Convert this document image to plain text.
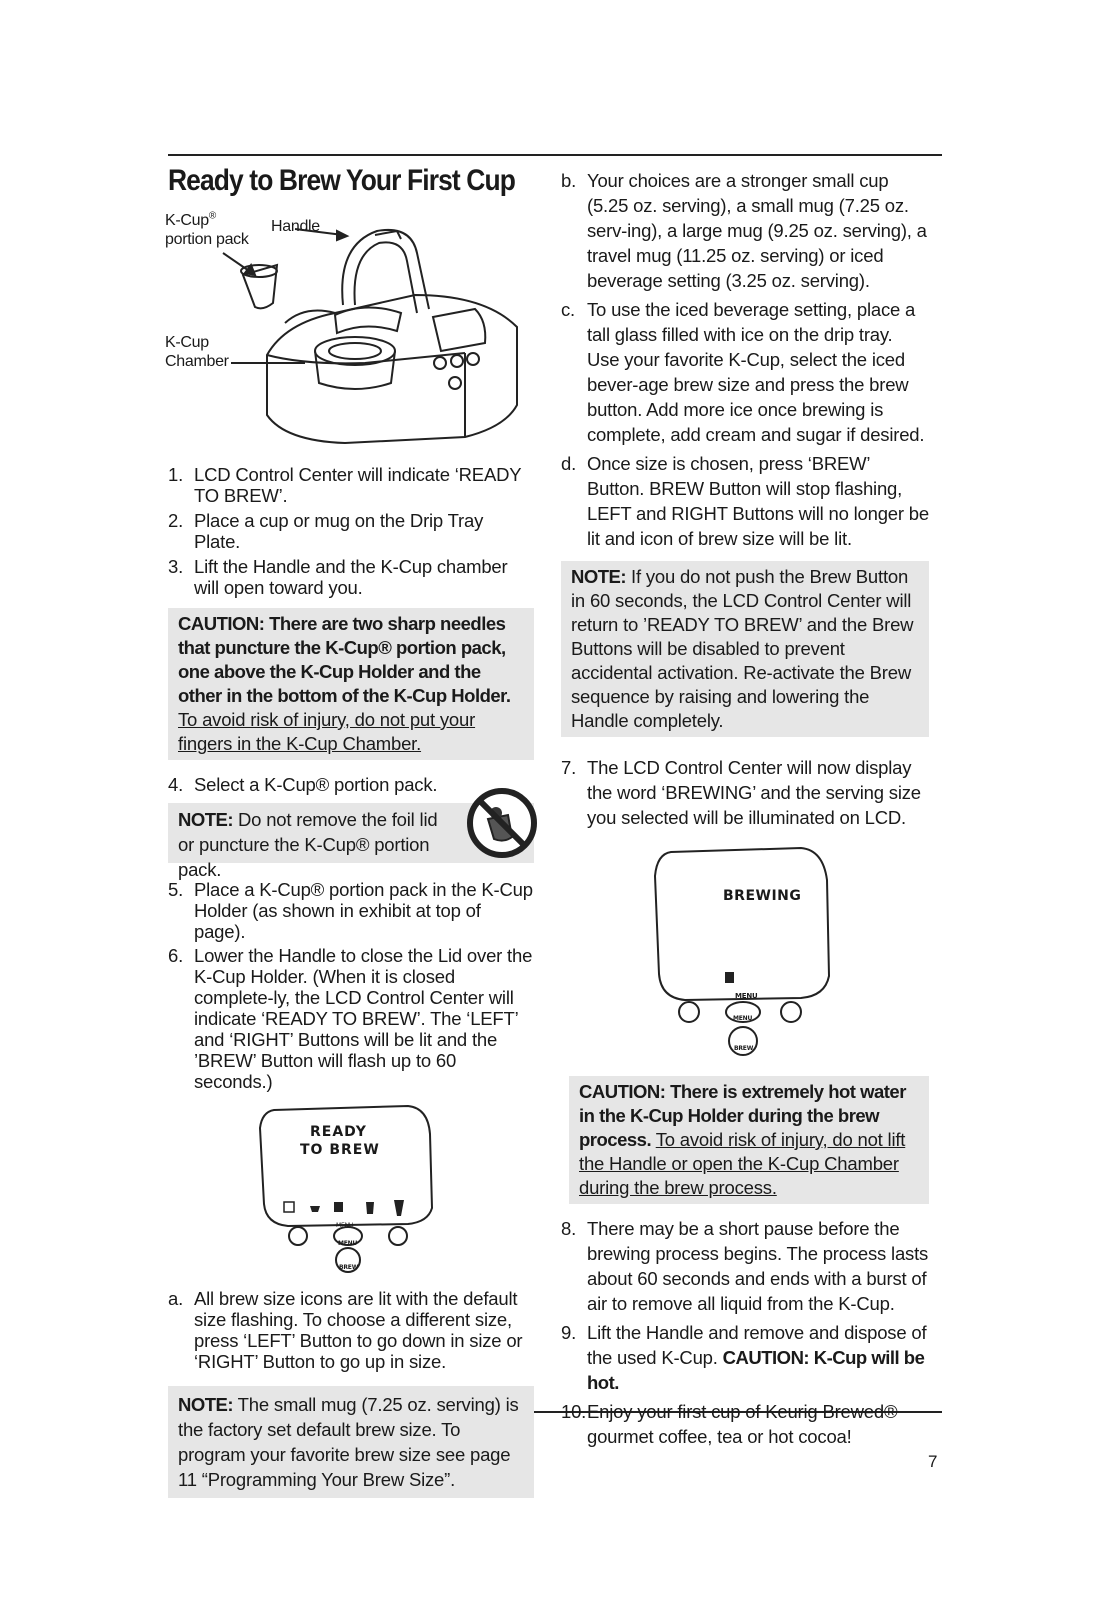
Ready to Brew Your First Cup
K-Cup®
portion pack
Handle
K-Cup
Chamber
1. LCD Control Center will indicate ‘READY TO BREW’.
2. Place a cup or mug on the Drip Tray Plate.
3. Lift the Handle and the K-Cup chamber will open toward you.
CAUTION: There are two sharp needles that puncture the K-Cup® portion pack, one above the K-Cup Holder and the other in the bottom of the K-Cup Holder. To avoid risk of injury, do not put your fingers in the K-Cup Chamber.
4. Select a K-Cup® portion pack.
NOTE: Do not remove the foil lid or puncture the K-Cup® portion pack.
5. Place a K-Cup® portion pack in the K-Cup Holder (as shown in exhibit at top of page).
6. Lower the Handle to close the Lid over the K-Cup Holder. (When it is closed complete-ly, the LCD Control Center will indicate ‘READY TO BREW’. The ‘LEFT’ and ‘RIGHT’ Buttons will be lit and the ’BREW’ Button will flash up to 60 seconds.)
READY
TO BREW
MENU
MENU
BREW
a. All brew size icons are lit with the default size flashing. To choose a different size, press ‘LEFT’ Button to go down in size or ‘RIGHT’ Button to go up in size.
NOTE: The small mug (7.25 oz. serving) is the factory set default brew size. To program your favorite brew size see page 11 “Programming Your Brew Size”.
b. Your choices are a stronger small cup (5.25 oz. serving), a small mug (7.25 oz. serv-ing), a large mug (9.25 oz. serving), a travel mug (11.25 oz. serving) or iced beverage setting (3.25 oz. serving).
c. To use the iced beverage setting, place a tall glass filled with ice on the drip tray. Use your favorite K-Cup, select the iced bever-age brew size and press the brew button. Add more ice once brewing is complete, add cream and sugar if desired.
d. Once size is chosen, press ‘BREW’ Button. BREW Button will stop flashing, LEFT and RIGHT Buttons will no longer be lit and icon of brew size will be lit.
NOTE: If you do not push the Brew Button in 60 seconds, the LCD Control Center will return to ’READY TO BREW’ and the Brew Buttons will be disabled to prevent accidental activation. Re-activate the Brew sequence by raising and lowering the Handle completely.
7. The LCD Control Center will now display the word ‘BREWING’ and the serving size you selected will be illuminated on LCD.
BREWING
MENU
MENU
BREW
CAUTION: There is extremely hot water in the K-Cup Holder during the brew process. To avoid risk of injury, do not lift the Handle or open the K-Cup Chamber during the brew process.
8. There may be a short pause before the brewing process begins. The process lasts about 60 seconds and ends with a burst of air to remove all liquid from the K-Cup.
9. Lift the Handle and remove and dispose of the used K-Cup. CAUTION: K-Cup will be hot.
10. Enjoy your first cup of Keurig Brewed® gourmet coffee, tea or hot cocoa!
7
